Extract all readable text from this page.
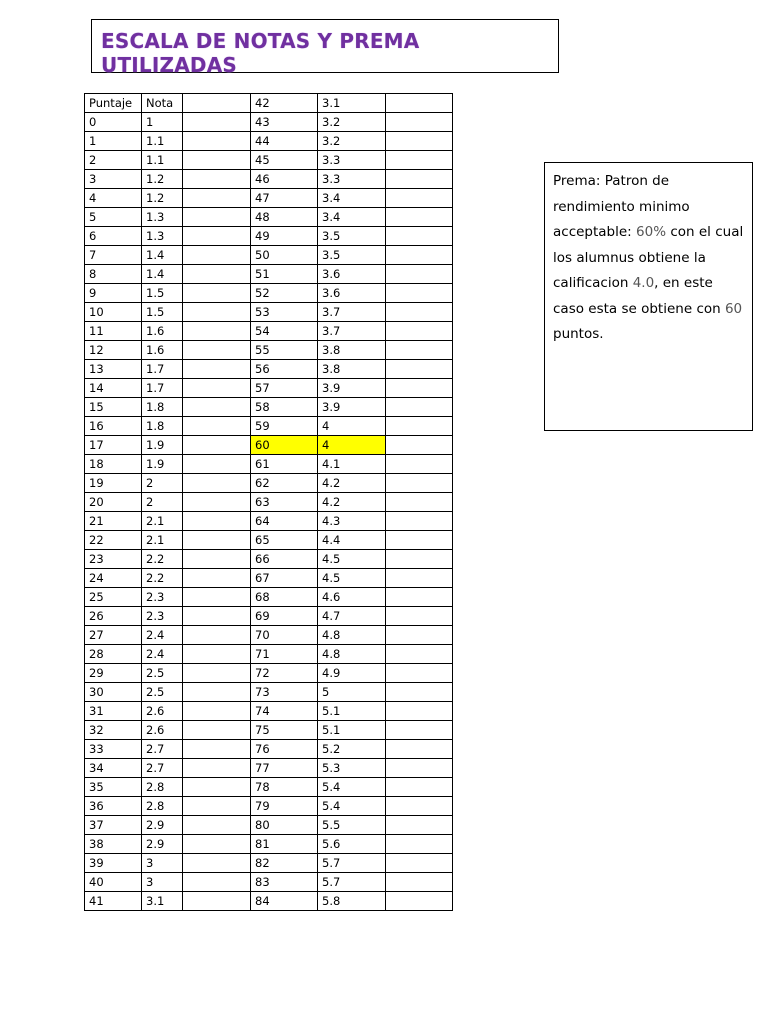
ESCALA DE NOTAS Y PREMA UTILIZADAS
Puntaje	Nota		42	3.1	
0	1		43	3.2	
1	1.1		44	3.2	
2	1.1		45	3.3	
3	1.2		46	3.3	
4	1.2		47	3.4	
5	1.3		48	3.4	
6	1.3		49	3.5	
7	1.4		50	3.5	
8	1.4		51	3.6	
9	1.5		52	3.6	
10	1.5		53	3.7	
11	1.6		54	3.7	
12	1.6		55	3.8	
13	1.7		56	3.8	
14	1.7		57	3.9	
15	1.8		58	3.9	
16	1.8		59	4	
17	1.9		60	4	
18	1.9		61	4.1	
19	2		62	4.2	
20	2		63	4.2	
21	2.1		64	4.3	
22	2.1		65	4.4	
23	2.2		66	4.5	
24	2.2		67	4.5	
25	2.3		68	4.6	
26	2.3		69	4.7	
27	2.4		70	4.8	
28	2.4		71	4.8	
29	2.5		72	4.9	
30	2.5		73	5	
31	2.6		74	5.1	
32	2.6		75	5.1	
33	2.7		76	5.2	
34	2.7		77	5.3	
35	2.8		78	5.4	
36	2.8		79	5.4	
37	2.9		80	5.5	
38	2.9		81	5.6	
39	3		82	5.7	
40	3		83	5.7	
41	3.1		84	5.8	
Prema: Patron de rendimiento minimo acceptable: 60% con el cual los alumnus obtiene la calificacion 4.0, en este caso esta se obtiene con 60 puntos.
